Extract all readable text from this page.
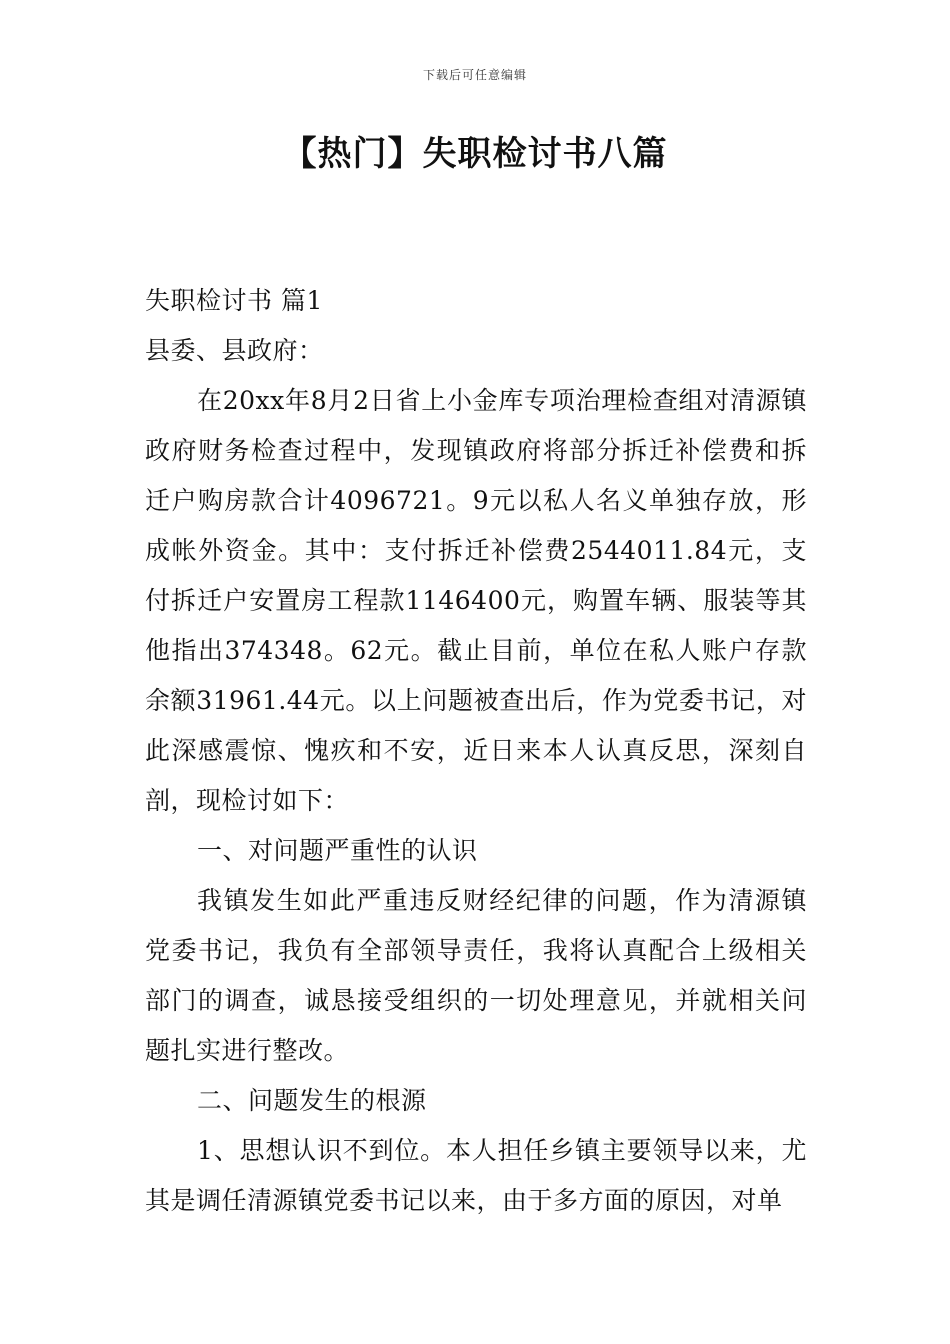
下载后可任意编辑
【热门】失职检讨书八篇

失职检讨书 篇1

县委、县政府：

在20xx年8月2日省上小金库专项治理检查组对清源镇政府财务检查过程中，发现镇政府将部分拆迁补偿费和拆迁户购房款合计4096721。9元以私人名义单独存放，形成帐外资金。其中：支付拆迁补偿费2544011.84元，支付拆迁户安置房工程款1146400元，购置车辆、服装等其他指出374348。62元。截止目前，单位在私人账户存款余额31961.44元。以上问题被查出后，作为党委书记，对此深感震惊、愧疚和不安，近日来本人认真反思，深刻自剖，现检讨如下：

一、对问题严重性的认识

我镇发生如此严重违反财经纪律的问题，作为清源镇党委书记，我负有全部领导责任，我将认真配合上级相关部门的调查，诚恳接受组织的一切处理意见，并就相关问题扎实进行整改。

二、问题发生的根源

1、思想认识不到位。本人担任乡镇主要领导以来，尤其是调任清源镇党委书记以来，由于多方面的原因，对单
